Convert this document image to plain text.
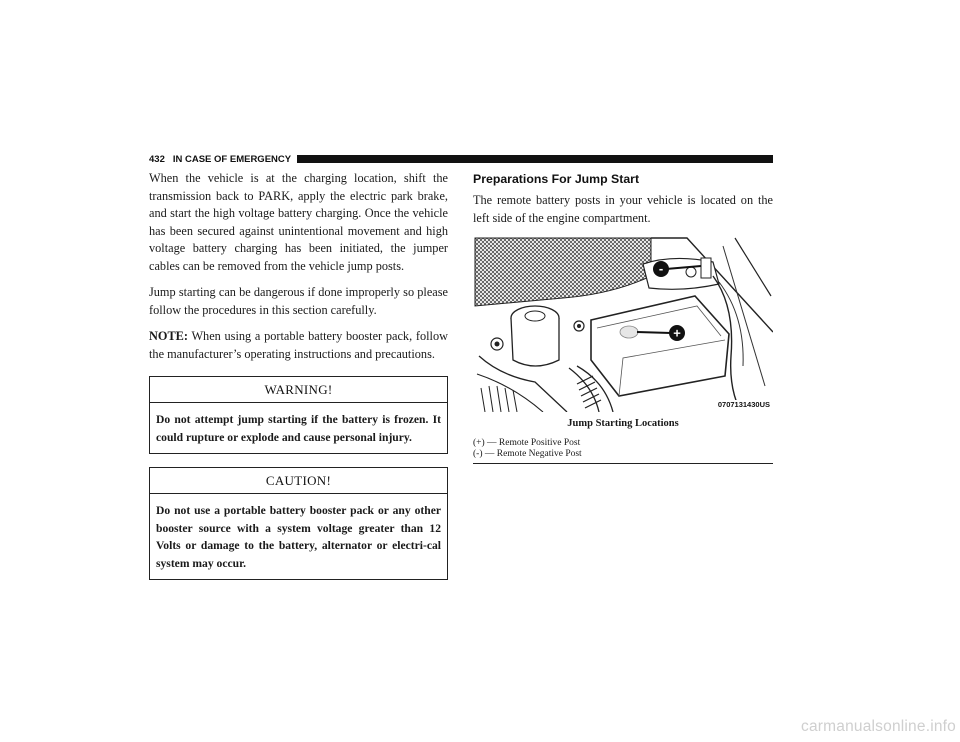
432 IN CASE OF EMERGENCY

When the vehicle is at the charging location, shift the transmission back to PARK, apply the electric park brake, and start the high voltage battery charging. Once the vehicle has been secured against unintentional movement and high voltage battery charging has been initiated, the jumper cables can be removed from the vehicle jump posts.

Jump starting can be dangerous if done improperly so please follow the procedures in this section carefully.

NOTE: When using a portable battery booster pack, follow the manufacturer’s operating instructions and precautions.

WARNING!
Do not attempt jump starting if the battery is frozen. It could rupture or explode and cause personal injury.
CAUTION!
Do not use a portable battery booster pack or any other booster source with a system voltage greater than 12 Volts or damage to the battery, alternator or electri-cal system may occur.
Preparations For Jump Start

The remote battery posts in your vehicle is located on the left side of the engine compartment.

-
+
0707131430US
Jump Starting Locations
(+) — Remote Positive Post
(-) — Remote Negative Post
carmanualsonline.info
